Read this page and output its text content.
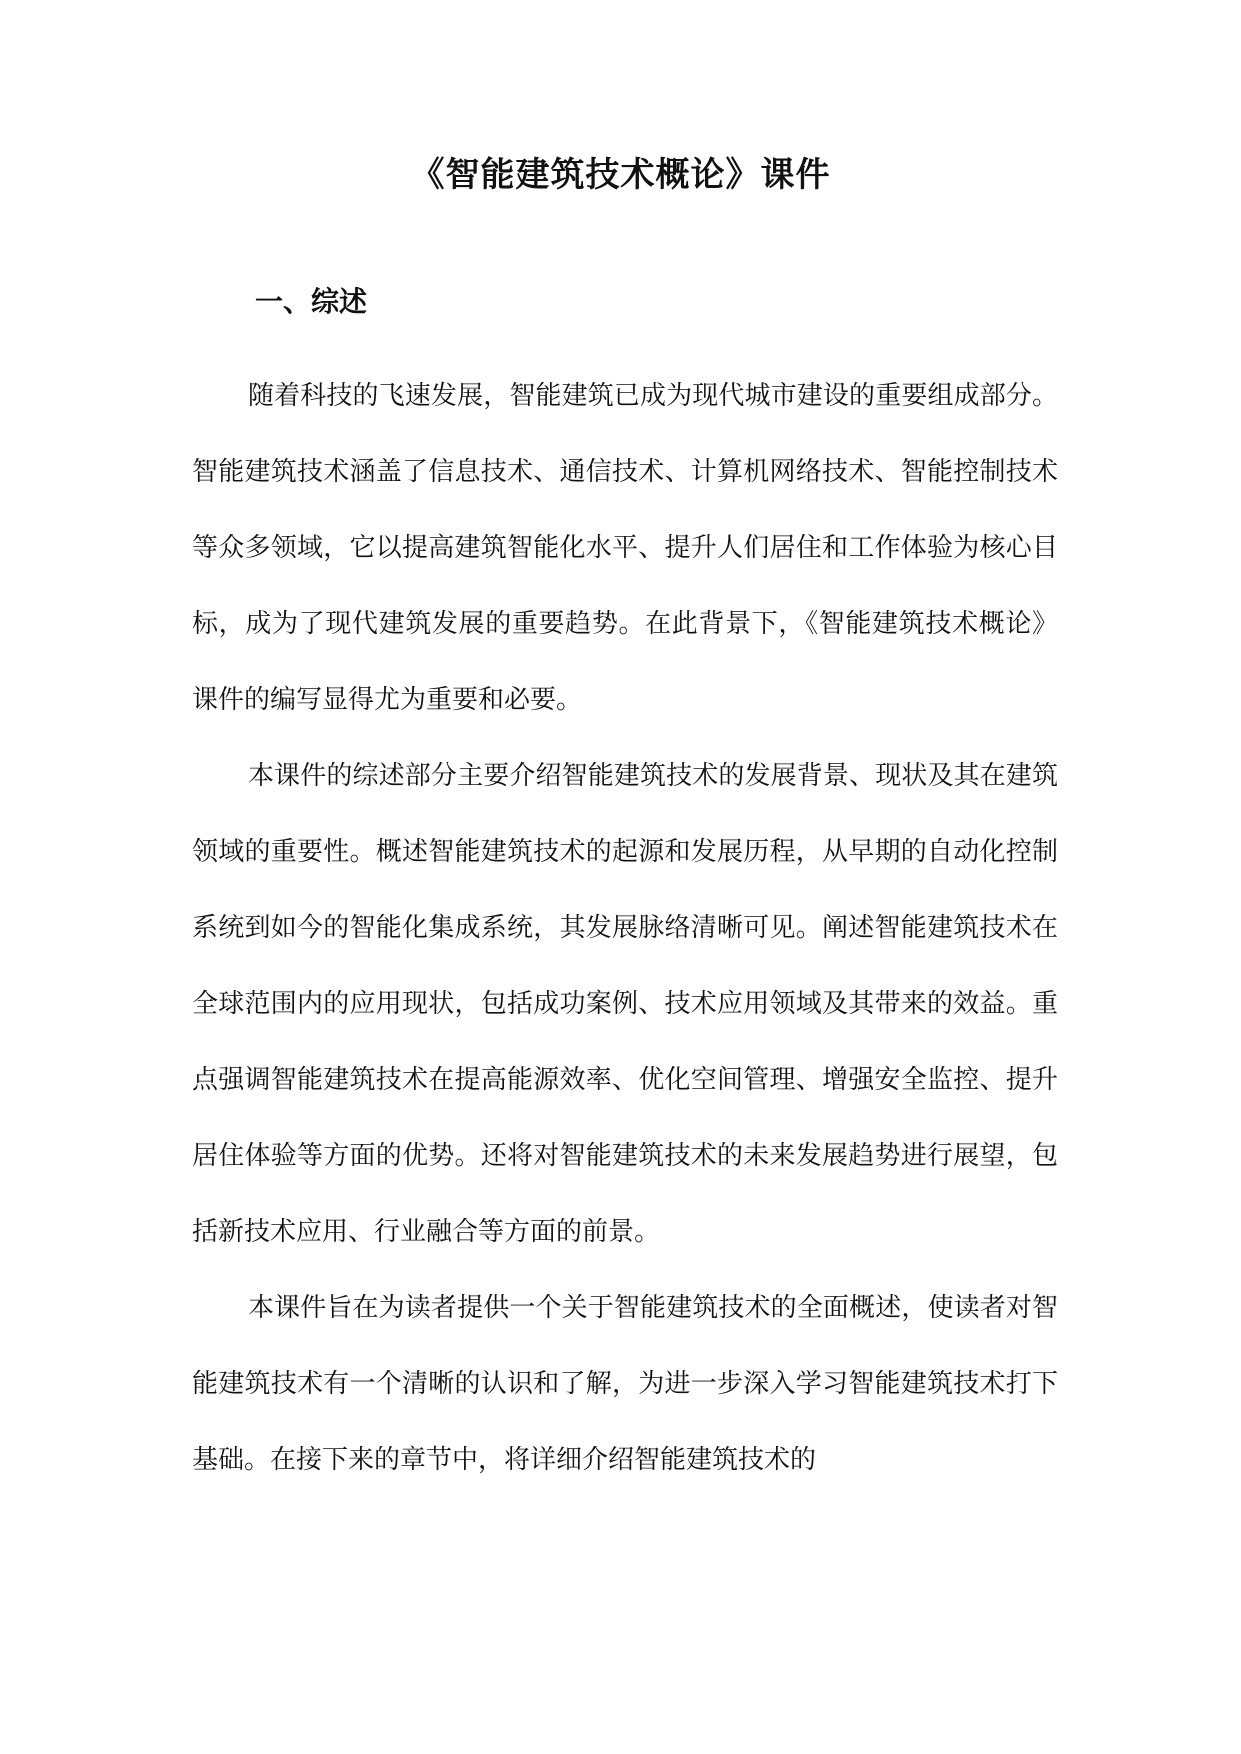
《智能建筑技术概论》课件
一、综述

随着科技的飞速发展，智能建筑已成为现代城市建设的重要组成部分。智能建筑技术涵盖了信息技术、通信技术、计算机网络技术、智能控制技术等众多领域，它以提高建筑智能化水平、提升人们居住和工作体验为核心目标，成为了现代建筑发展的重要趋势。在此背景下，《智能建筑技术概论》课件的编写显得尤为重要和必要。

本课件的综述部分主要介绍智能建筑技术的发展背景、现状及其在建筑领域的重要性。概述智能建筑技术的起源和发展历程，从早期的自动化控制系统到如今的智能化集成系统，其发展脉络清晰可见。阐述智能建筑技术在全球范围内的应用现状，包括成功案例、技术应用领域及其带来的效益。重点强调智能建筑技术在提高能源效率、优化空间管理、增强安全监控、提升居住体验等方面的优势。还将对智能建筑技术的未来发展趋势进行展望，包括新技术应用、行业融合等方面的前景。

本课件旨在为读者提供一个关于智能建筑技术的全面概述，使读者对智能建筑技术有一个清晰的认识和了解，为进一步深入学习智能建筑技术打下基础。在接下来的章节中，将详细介绍智能建筑技术的
